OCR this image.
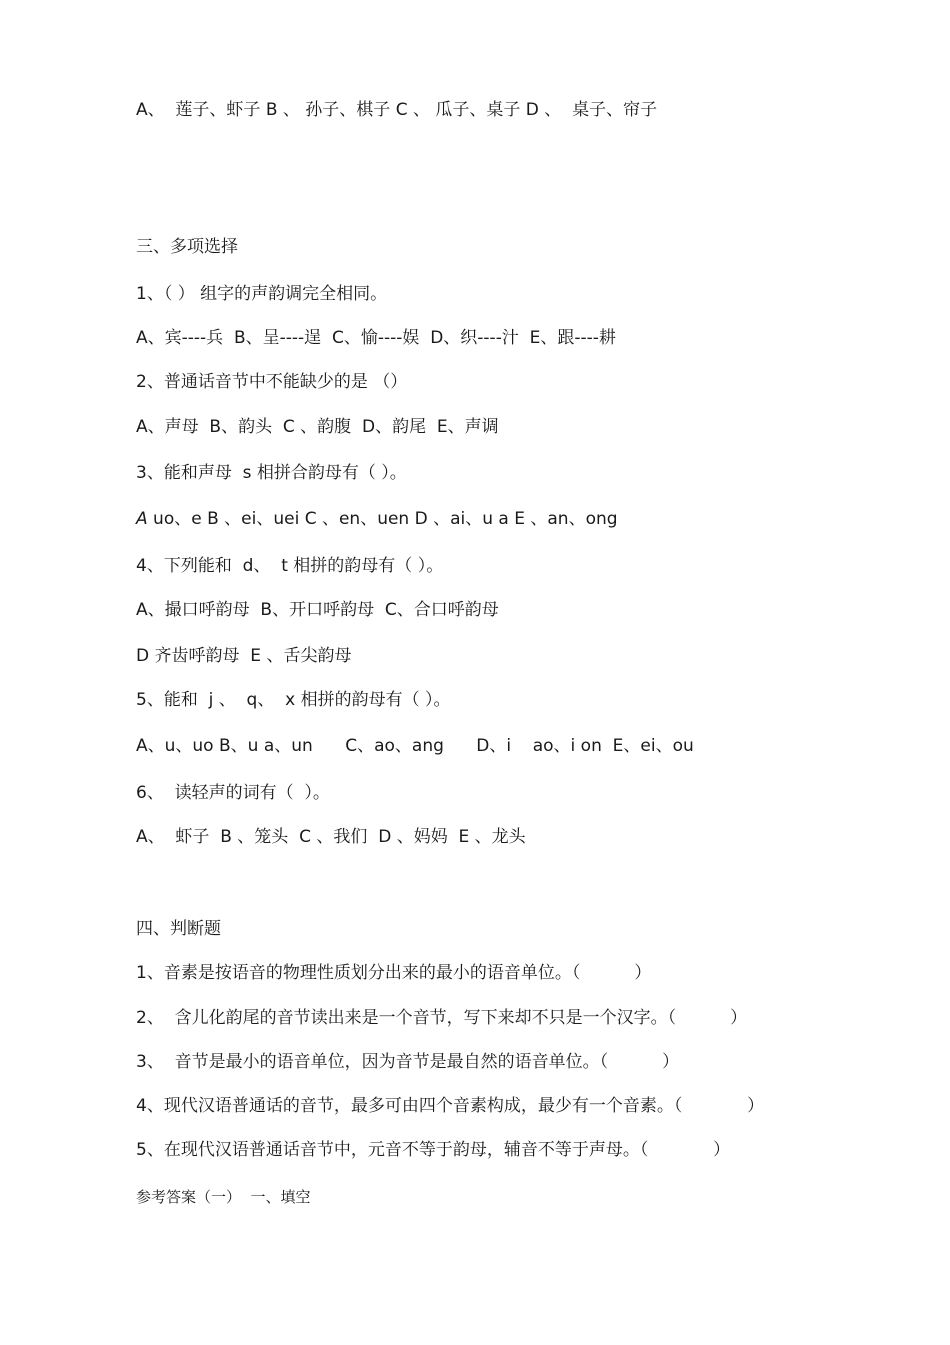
A、  莲子、虾子 B 、 孙子、棋子 C 、 瓜子、桌子 D 、  桌子、帘子
三、多项选择
1、（ ） 组字的声韵调完全相同。
A、宾----兵  B、呈----逞  C、愉----娱  D、织----汁  E、跟----耕
2、普通话音节中不能缺少的是 （）
A、声母  B、韵头  C 、韵腹  D、韵尾  E、声调
3、能和声母  s 相拼合韵母有（ ）。
A uo、e B 、ei、uei C 、en、uen D 、ai、u a E 、an、ong
4、下列能和  d、  t 相拼的韵母有（ ）。
A、撮口呼韵母  B、开口呼韵母  C、合口呼韵母
D 齐齿呼韵母  E 、舌尖韵母
5、能和  j 、  q、  x 相拼的韵母有（ ）。
A、u、uo B、u a、un      C、ao、ang      D、i    ao、i on  E、ei、ou
6、  读轻声的词有（  ）。
A、  虾子  B 、笼头  C 、我们  D 、妈妈  E 、龙头
四、判断题
1、音素是按语音的物理性质划分出来的最小的语音单位。（          ）
2、  含儿化韵尾的音节读出来是一个音节，写下来却不只是一个汉字。（          ）
3、  音节是最小的语音单位，因为音节是最自然的语音单位。（          ）
4、现代汉语普通话的音节，最多可由四个音素构成，最少有一个音素。（            ）
5、在现代汉语普通话音节中，元音不等于韵母，辅音不等于声母。（            ）
参考答案（一）  一、填空
